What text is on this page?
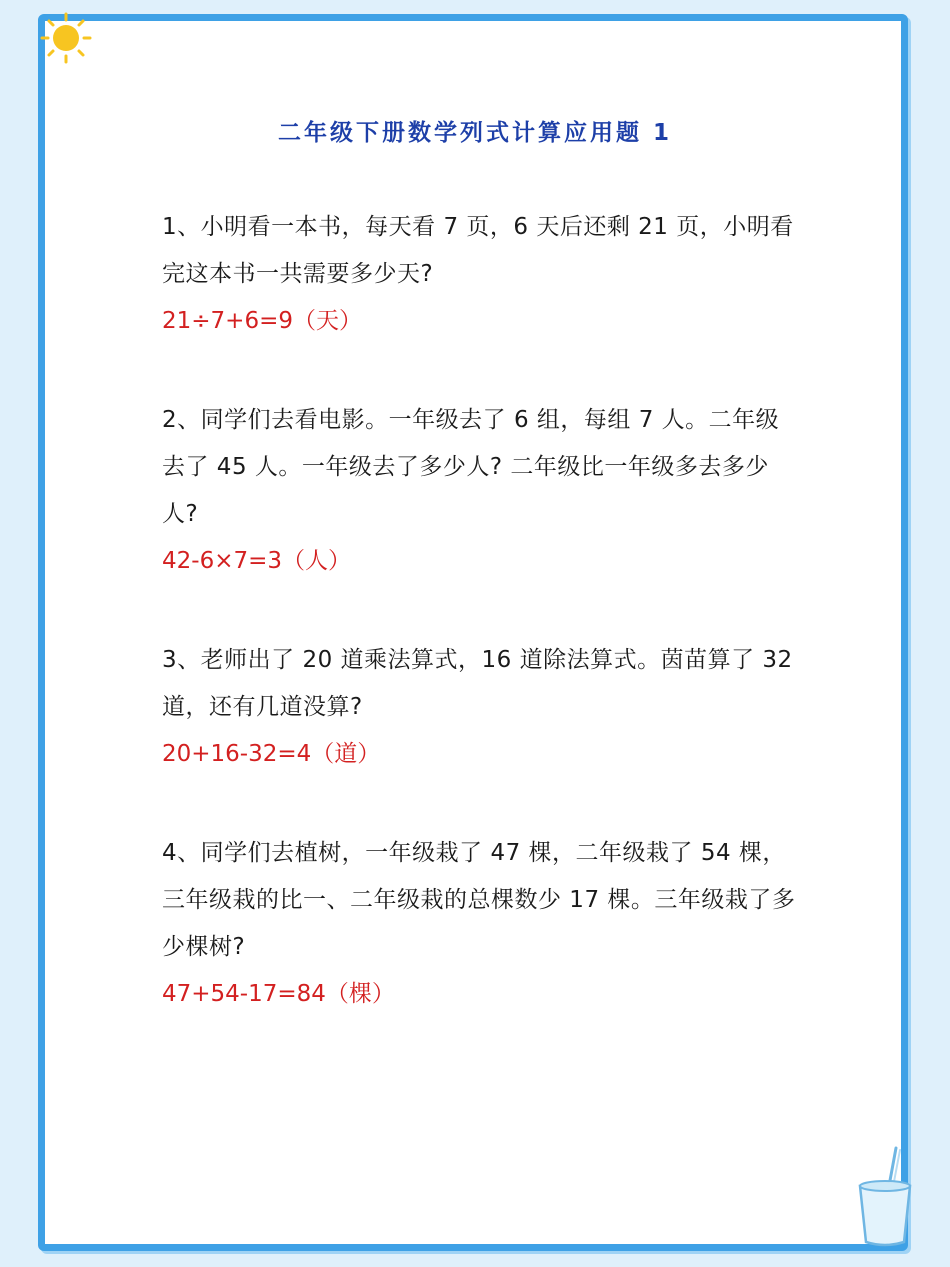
二年级下册数学列式计算应用题 1

1、小明看一本书，每天看 7 页，6 天后还剩 21 页，小明看完这本书一共需要多少天?

21÷7+6=9（天）

2、同学们去看电影。一年级去了 6 组，每组 7 人。二年级去了 45 人。一年级去了多少人? 二年级比一年级多去多少人?

42-6×7=3（人）

3、老师出了 20 道乘法算式，16 道除法算式。茵苗算了 32 道，还有几道没算?

20+16-32=4（道）

4、同学们去植树，一年级栽了 47 棵，二年级栽了 54 棵，三年级栽的比一、二年级栽的总棵数少 17 棵。三年级栽了多少棵树?

47+54-17=84（棵）
